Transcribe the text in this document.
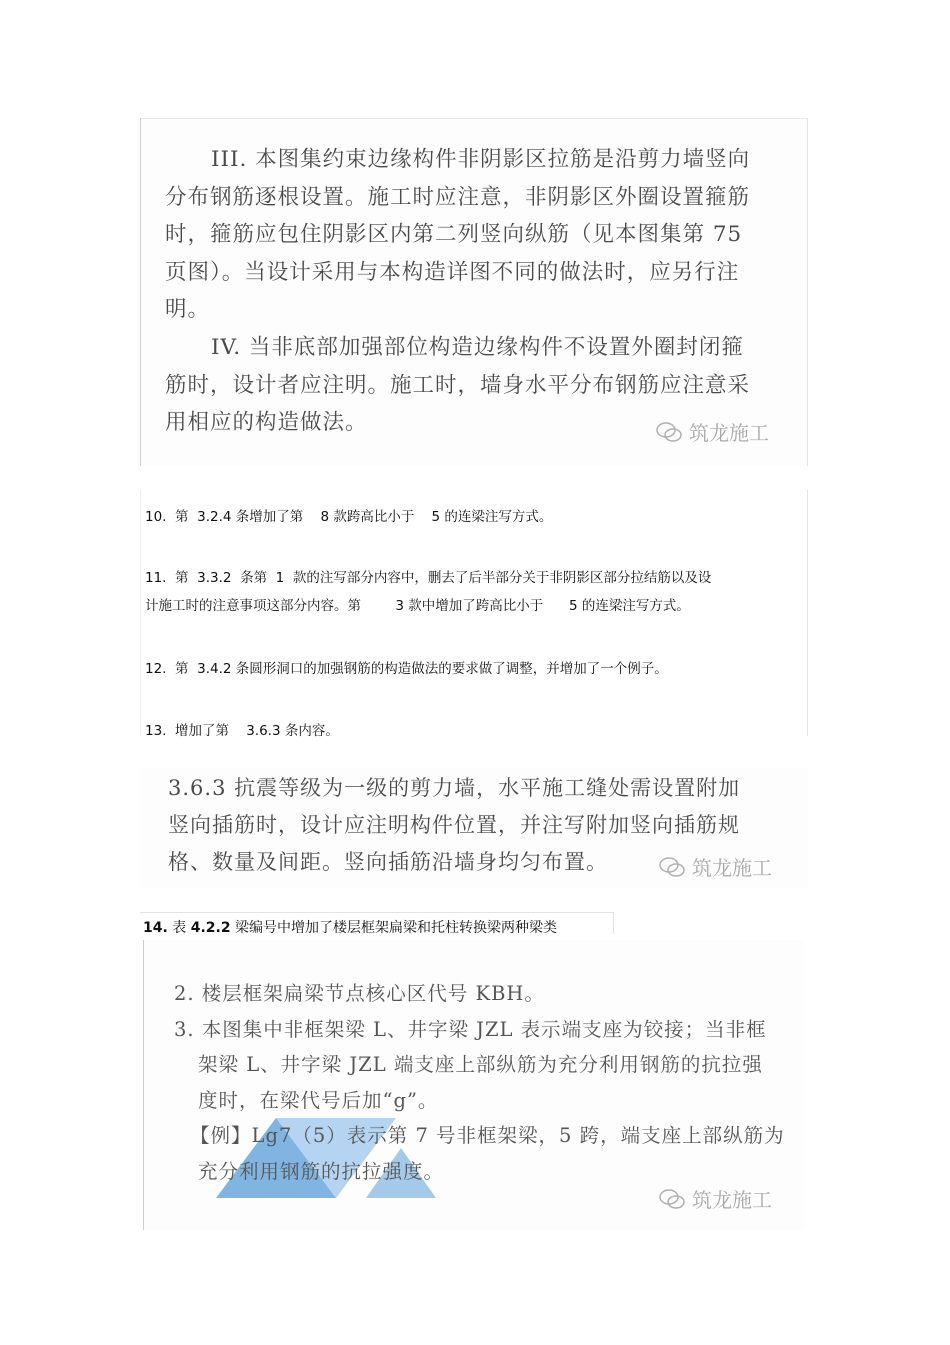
III. 本图集约束边缘构件非阴影区拉筋是沿剪力墙竖向

分布钢筋逐根设置。施工时应注意，非阴影区外圈设置箍筋

时，箍筋应包住阴影区内第二列竖向纵筋（见本图集第 75

页图）。当设计采用与本构造详图不同的做法时，应另行注

明。

IV. 当非底部加强部位构造边缘构件不设置外圈封闭箍

筋时，设计者应注明。施工时，墙身水平分布钢筋应注意采

用相应的构造做法。	筑龙施工
10.  第  3.2.4 条增加了第    8 款跨高比小于    5 的连梁注写方式。
11.  第  3.3.2  条第  1  款的注写部分内容中，删去了后半部分关于非阴影区部分拉结筋以及设
计施工时的注意事项这部分内容。第        3 款中增加了跨高比小于      5 的连梁注写方式。
12.  第  3.4.2 条圆形洞口的加强钢筋的构造做法的要求做了调整，并增加了一个例子。
13.  增加了第    3.6.3 条内容。

3.6.3 抗震等级为一级的剪力墙，水平施工缝处需设置附加

竖向插筋时，设计应注明构件位置，并注写附加竖向插筋规

格、数量及间距。竖向插筋沿墙身均匀布置。	筑龙施工
14. 表 4.2.2 梁编号中增加了楼层框架扁梁和托柱转换梁两种梁类

2. 楼层框架扁梁节点核心区代号 KBH。

3. 本图集中非框架梁 L、井字梁 JZL 表示端支座为铰接；当非框

架梁 L、井字梁 JZL 端支座上部纵筋为充分利用钢筋的抗拉强

度时，在梁代号后加“g”。

【例】Lg7（5）表示第 7 号非框架梁，5 跨，端支座上部纵筋为

充分利用钢筋的抗拉强度。

筑龙施工
